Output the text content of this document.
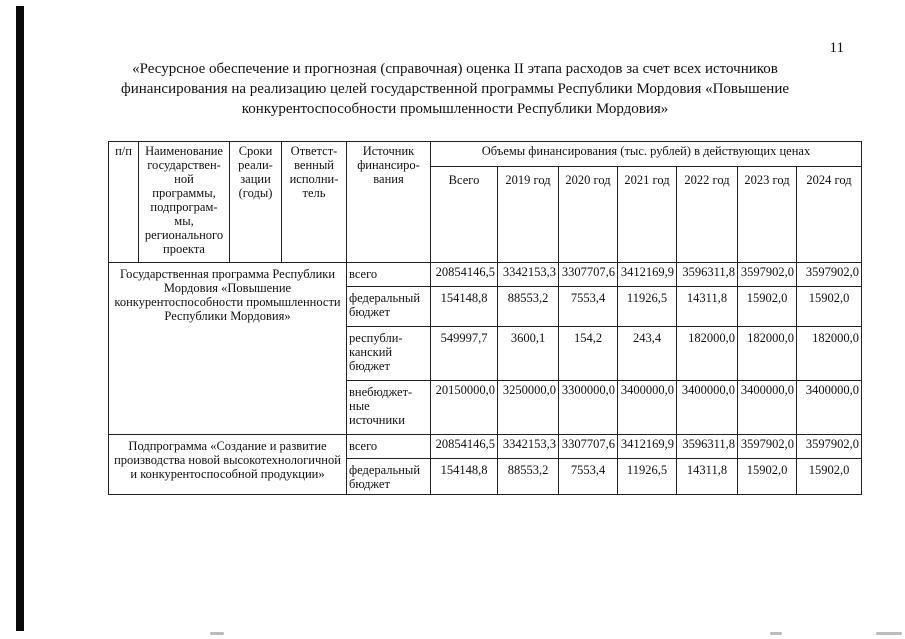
11
«Ресурсное обеспечение и прогнозная (справочная) оценка II этапа расходов за счет всех источников финансирования на реализацию целей государственной программы Республики Мордовия «Повышение конкурентоспособности промышленности Республики Мордовия»
п/п	Наименование государствен-ной программы, подпрограм-мы, регионального проекта	Сроки реали-зации (годы)	Ответст-венный исполни-тель	Источник финансиро-вания	Объемы финансирования (тыс. рублей) в действующих ценах						
					Всего	2019 год	2020 год	2021 год	2022 год	2023 год	2024 год
Государственная программа Республики Мордовия «Повышение конкурентоспособности промышленности Республики Мордовия»				всего	20854146,5	3342153,3	3307707,6	3412169,9	3596311,8	3597902,0	3597902,0
				федеральный бюджет	154148,8	88553,2	7553,4	11926,5	14311,8	15902,0	15902,0
				республи-канский бюджет	549997,7	3600,1	154,2	243,4	182000,0	182000,0	182000,0
				внебюджет-ные источники	20150000,0	3250000,0	3300000,0	3400000,0	3400000,0	3400000,0	3400000,0
Подпрограмма «Создание и развитие производства новой высокотехнологичной и конкурентоспособной продукции»				всего	20854146,5	3342153,3	3307707,6	3412169,9	3596311,8	3597902,0	3597902,0
				федеральный бюджет	154148,8	88553,2	7553,4	11926,5	14311,8	15902,0	15902,0
